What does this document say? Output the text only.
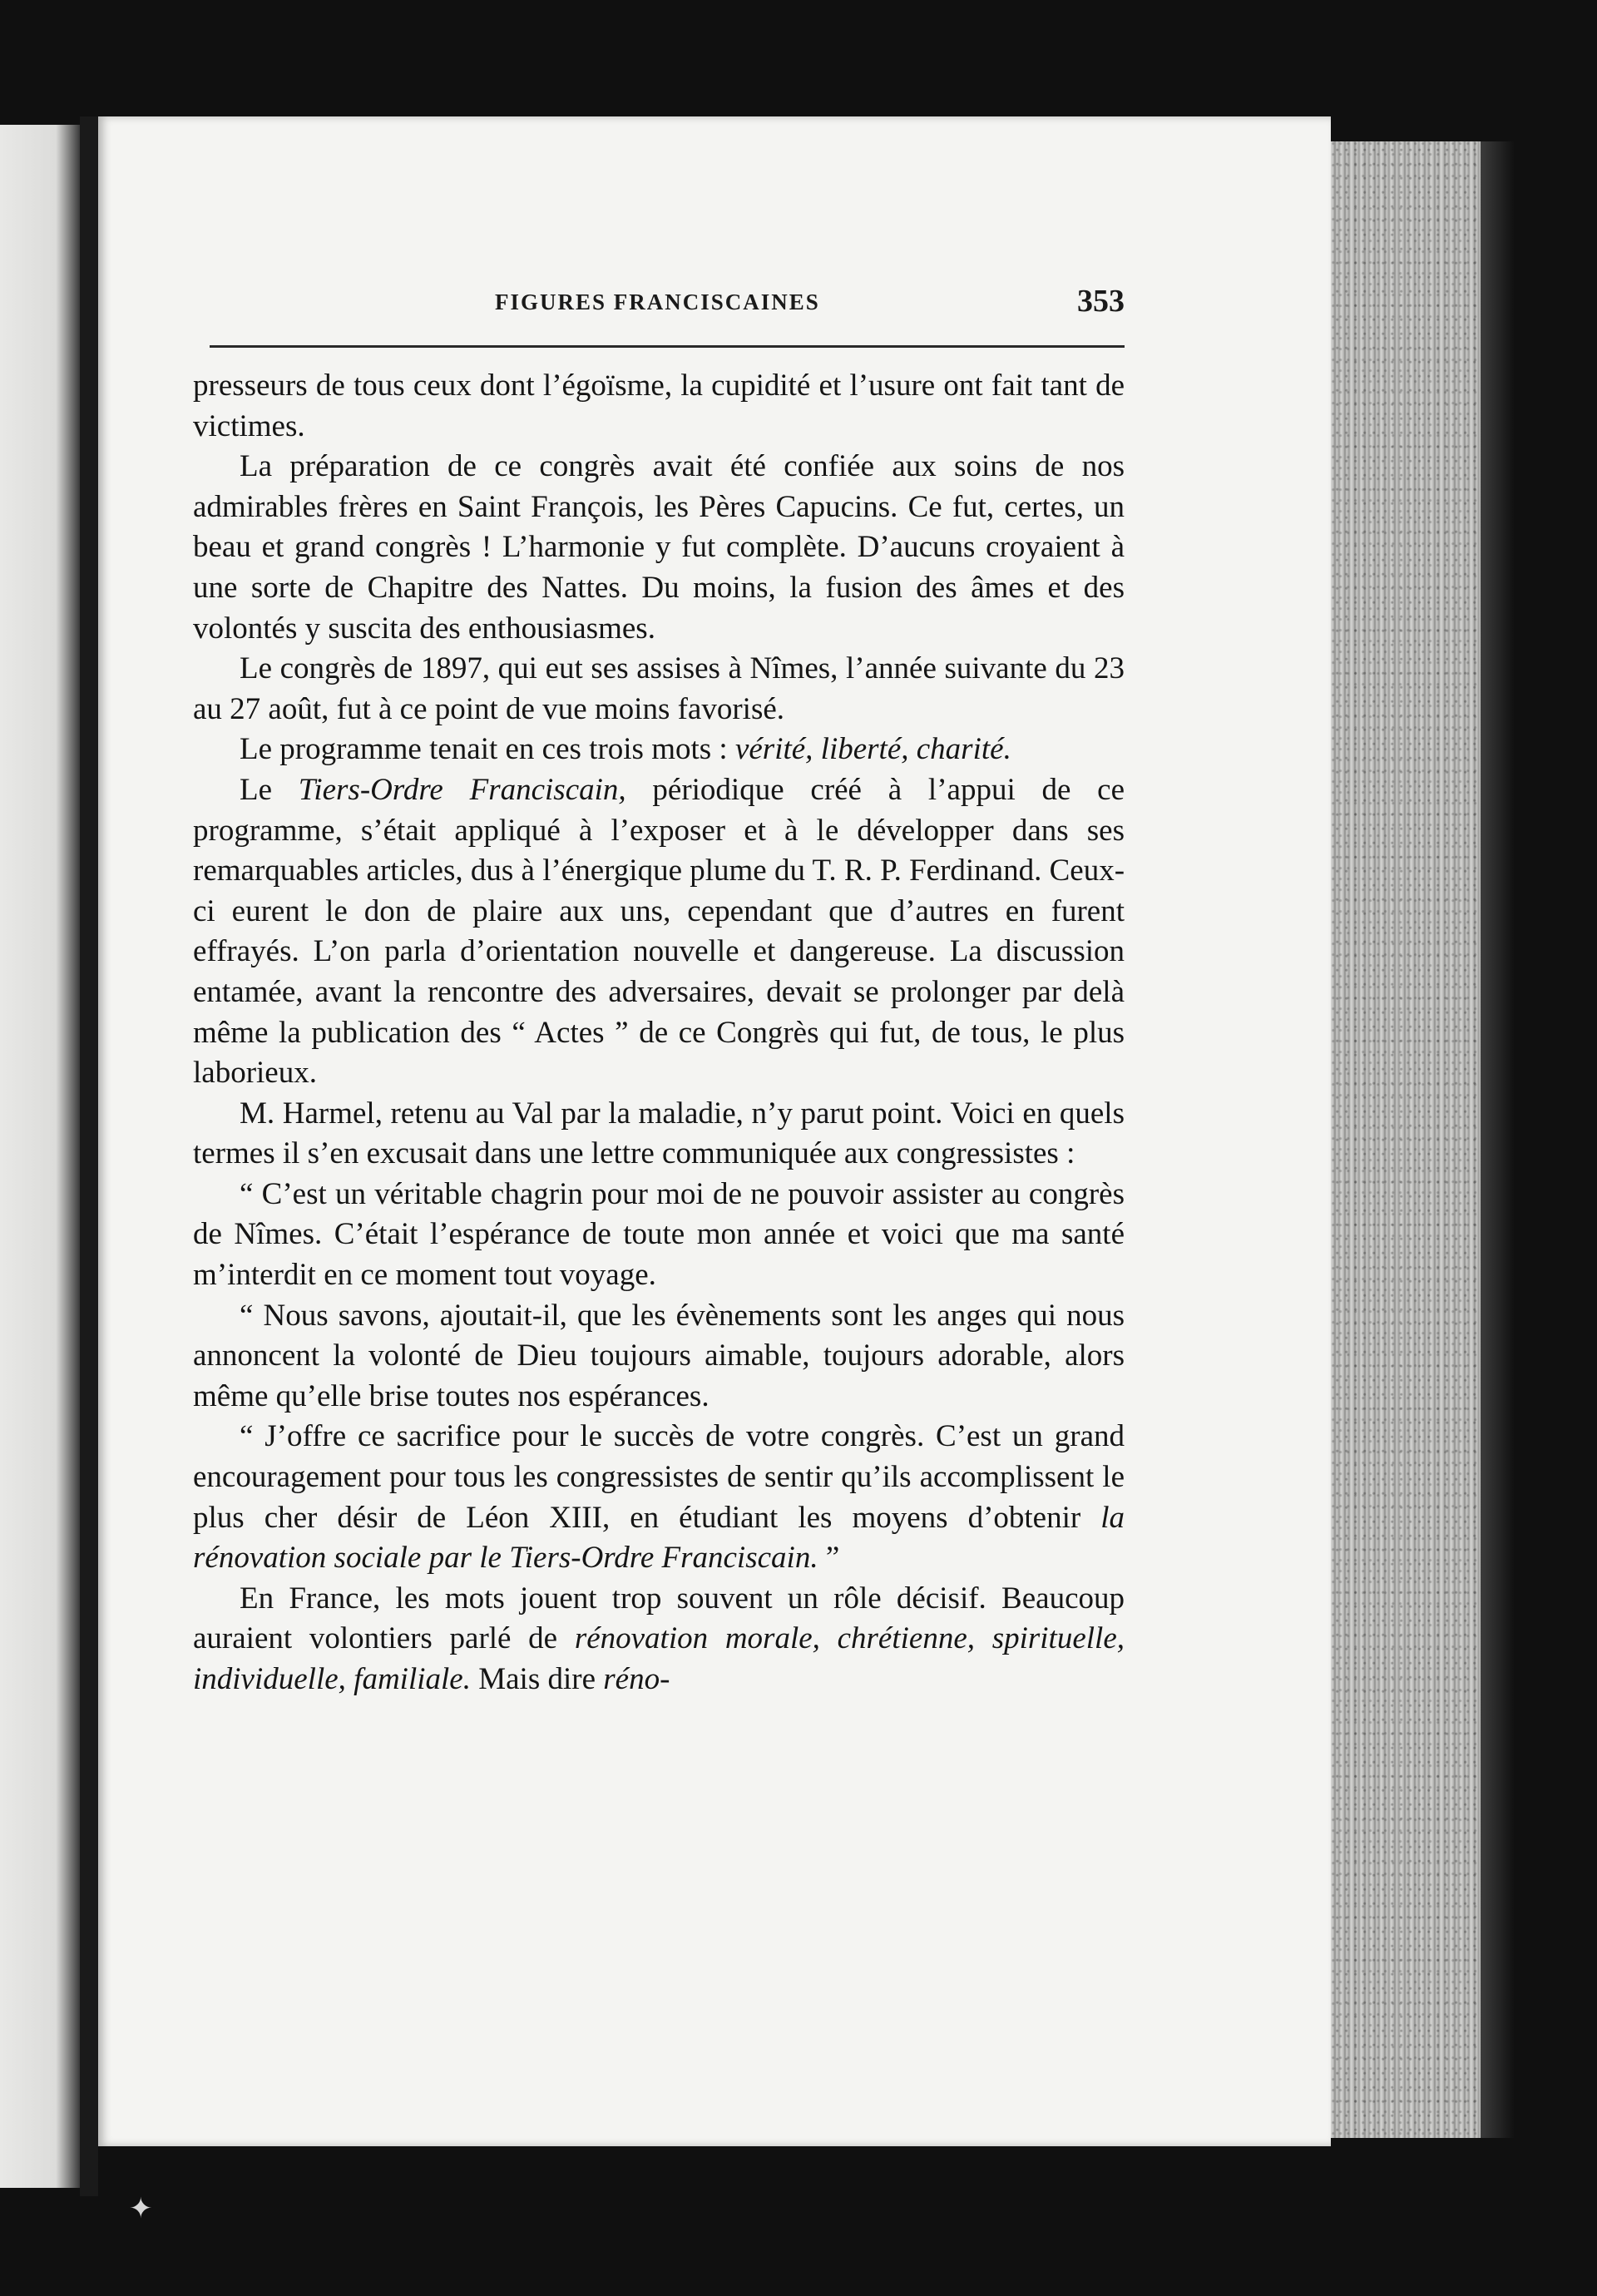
FIGURES FRANCISCAINES	353

presseurs de tous ceux dont l’égoïsme, la cupidité et l’usure ont fait tant de victimes.

La préparation de ce congrès avait été confiée aux soins de nos admirables frères en Saint François, les Pères Capucins. Ce fut, certes, un beau et grand congrès ! L’harmonie y fut complète. D’aucuns croyaient à une sorte de Chapitre des Nattes. Du moins, la fusion des âmes et des volontés y suscita des enthousiasmes.

Le congrès de 1897, qui eut ses assises à Nîmes, l’année suivante du 23 au 27 août, fut à ce point de vue moins favorisé.

Le programme tenait en ces trois mots : vérité, liberté, charité.

Le Tiers-Ordre Franciscain, périodique créé à l’appui de ce programme, s’était appliqué à l’exposer et à le développer dans ses remarquables articles, dus à l’énergique plume du T. R. P. Ferdinand. Ceux-ci eurent le don de plaire aux uns, cependant que d’autres en furent effrayés. L’on parla d’orientation nouvelle et dangereuse. La discussion entamée, avant la rencontre des adversaires, devait se prolonger par delà même la publication des “ Actes ” de ce Congrès qui fut, de tous, le plus laborieux.

M. Harmel, retenu au Val par la maladie, n’y parut point. Voici en quels termes il s’en excusait dans une lettre communiquée aux congressistes :

“ C’est un véritable chagrin pour moi de ne pouvoir assister au congrès de Nîmes. C’était l’espérance de toute mon année et voici que ma santé m’interdit en ce moment tout voyage.

“ Nous savons, ajoutait-il, que les évènements sont les anges qui nous annoncent la volonté de Dieu toujours aimable, toujours adorable, alors même qu’elle brise toutes nos espérances.

“ J’offre ce sacrifice pour le succès de votre congrès. C’est un grand encouragement pour tous les congressistes de sentir qu’ils accomplissent le plus cher désir de Léon XIII, en étudiant les moyens d’obtenir la rénovation sociale par le Tiers-Ordre Franciscain. ”

En France, les mots jouent trop souvent un rôle décisif. Beaucoup auraient volontiers parlé de rénovation morale, chrétienne, spirituelle, individuelle, familiale. Mais dire réno-

✦
